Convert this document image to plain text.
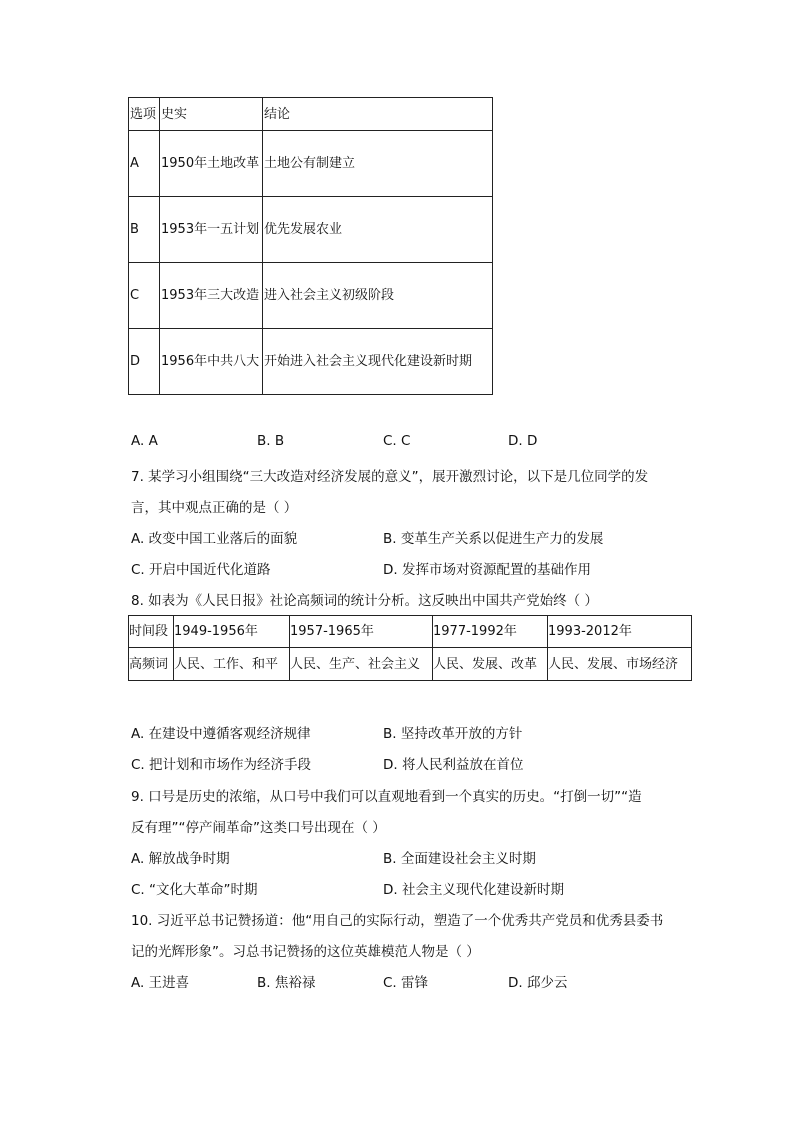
选项	史实	结论
A	1950年土地改革	土地公有制建立
B	1953年一五计划	优先发展农业
C	1953年三大改造	进入社会主义初级阶段
D	1956年中共八大	开始进入社会主义现代化建设新时期
A. A	B. B	C. C	D. D
7. 某学习小组围绕“三大改造对经济发展的意义”，展开激烈讨论，以下是几位同学的发
言，其中观点正确的是（ ）
A. 改变中国工业落后的面貌	B. 变革生产关系以促进生产力的发展
C. 开启中国近代化道路	D. 发挥市场对资源配置的基础作用
8. 如表为《人民日报》社论高频词的统计分析。这反映出中国共产党始终（ ）
时间段	1949-1956年	1957-1965年	1977-1992年	1993-2012年
高频词	人民、工作、和平	人民、生产、社会主义	人民、发展、改革	人民、发展、市场经济
A. 在建设中遵循客观经济规律	B. 坚持改革开放的方针
C. 把计划和市场作为经济手段	D. 将人民利益放在首位
9. 口号是历史的浓缩，从口号中我们可以直观地看到一个真实的历史。“打倒一切”“造
反有理”“停产闹革命”这类口号出现在（ ）
A. 解放战争时期	B. 全面建设社会主义时期
C. “文化大革命”时期	D. 社会主义现代化建设新时期
10. 习近平总书记赞扬道：他“用自己的实际行动，塑造了一个优秀共产党员和优秀县委书
记的光辉形象”。习总书记赞扬的这位英雄模范人物是（ ）
A. 王进喜	B. 焦裕禄	C. 雷锋	D. 邱少云
